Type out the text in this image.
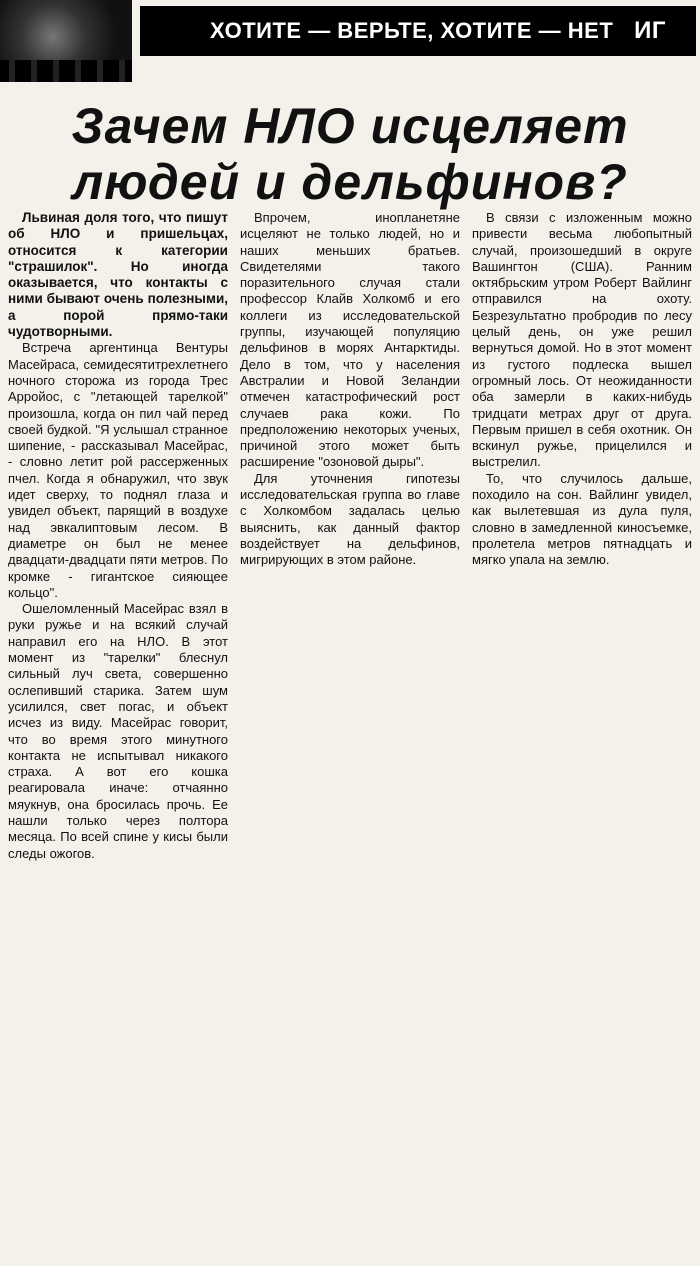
ХОТИТЕ — ВЕРЬТЕ, ХОТИТЕ — НЕТ ИГ
Зачем НЛО исцеляет
людей и дельфинов?

Львиная доля того, что пишут об НЛО и пришельцах, относится к категории "страшилок". Но иногда оказывается, что контакты с ними бывают очень полезными, а порой прямо-таки чудотворными.

Встреча аргентинца Вентуры Масейраса, семидесятитрехлетнего ночного сторожа из города Трес Арройос, с "летающей тарелкой" произошла, когда он пил чай перед своей будкой. "Я услышал странное шипение, - рассказывал Масейрас, - словно летит рой рассерженных пчел. Когда я обнаружил, что звук идет сверху, то поднял глаза и увидел объект, парящий в воздухе над эвкалиптовым лесом. В диаметре он был не менее двадцати-двадцати пяти метров. По кромке - гигантское сияющее кольцо".

Ошеломленный Масейрас взял в руки ружье и на всякий случай направил его на НЛО. В этот момент из "тарелки" блеснул сильный луч света, совершенно ослепивший старика. Затем шум усилился, свет погас, и объект исчез из виду. Масейрас говорит, что во время этого минутного контакта не испытывал никакого страха. А вот его кошка реагировала иначе: отчаянно мяукнув, она бросилась прочь. Ее нашли только через полтора месяца. По всей спине у кисы были следы ожогов.

Впрочем, инопланетяне исцеляют не только людей, но и наших меньших братьев. Свидетелями такого поразительного случая стали профессор Клайв Холкомб и его коллеги из исследовательской группы, изучающей популяцию дельфинов в морях Антарктиды. Дело в том, что у населения Австралии и Новой Зеландии отмечен катастрофический рост случаев рака кожи. По предположению некоторых ученых, причиной этого может быть расширение "озоновой дыры".

Для уточнения гипотезы исследовательская группа во главе с Холкомбом задалась целью выяснить, как данный фактор воздействует на дельфинов, мигрирующих в этом районе.

В связи с изложенным можно привести весьма любопытный случай, произошедший в округе Вашингтон (США). Ранним октябрьским утром Роберт Вайлинг отправился на охоту. Безрезультатно пробродив по лесу целый день, он уже решил вернуться домой. Но в этот момент из густого подлеска вышел огромный лось. От неожиданности оба замерли в каких-нибудь тридцати метрах друг от друга. Первым пришел в себя охотник. Он вскинул ружье, прицелился и выстрелил.

То, что случилось дальше, походило на сон. Вайлинг увидел, как вылетевшая из дула пуля, словно в замедленной киносъемке, пролетела метров пятнадцать и мягко упала на землю.
